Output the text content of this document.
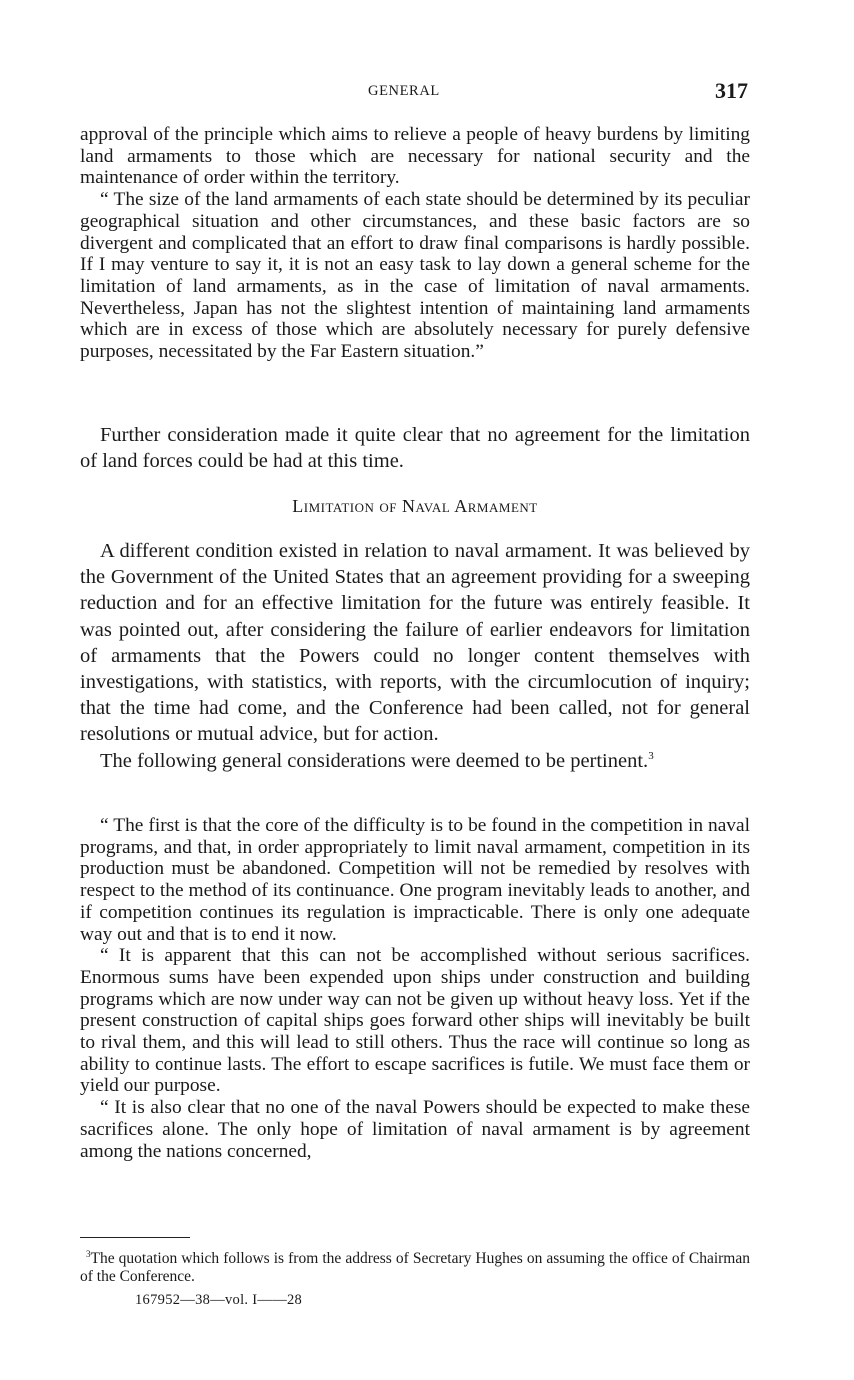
GENERAL	317

approval of the principle which aims to relieve a people of heavy burdens by limiting land armaments to those which are necessary for national security and the maintenance of order within the territory.

“ The size of the land armaments of each state should be determined by its peculiar geographical situation and other circumstances, and these basic factors are so divergent and complicated that an effort to draw final comparisons is hardly possible. If I may venture to say it, it is not an easy task to lay down a general scheme for the limitation of land armaments, as in the case of limitation of naval armaments. Nevertheless, Japan has not the slightest intention of maintaining land armaments which are in excess of those which are absolutely necessary for purely defensive purposes, necessitated by the Far Eastern situation.”

Further consideration made it quite clear that no agreement for the limitation of land forces could be had at this time.

Limitation of Naval Armament

A different condition existed in relation to naval armament. It was believed by the Government of the United States that an agreement providing for a sweeping reduction and for an effective limitation for the future was entirely feasible. It was pointed out, after considering the failure of earlier endeavors for limitation of armaments that the Powers could no longer content themselves with investigations, with statistics, with reports, with the circumlocution of inquiry; that the time had come, and the Conference had been called, not for general resolutions or mutual advice, but for action.

The following general considerations were deemed to be pertinent.$^3$

“ The first is that the core of the difficulty is to be found in the competition in naval programs, and that, in order appropriately to limit naval armament, competition in its production must be abandoned. Competition will not be remedied by resolves with respect to the method of its continuance. One program inevitably leads to another, and if competition continues its regulation is impracticable. There is only one adequate way out and that is to end it now.

“ It is apparent that this can not be accomplished without serious sacrifices. Enormous sums have been expended upon ships under construction and building programs which are now under way can not be given up without heavy loss. Yet if the present construction of capital ships goes forward other ships will inevitably be built to rival them, and this will lead to still others. Thus the race will continue so long as ability to continue lasts. The effort to escape sacrifices is futile. We must face them or yield our purpose.

“ It is also clear that no one of the naval Powers should be expected to make these sacrifices alone. The only hope of limitation of naval armament is by agreement among the nations concerned,

$^3$The quotation which follows is from the address of Secretary Hughes on assuming the office of Chairman of the Conference.

167952—38—vol. I——28
